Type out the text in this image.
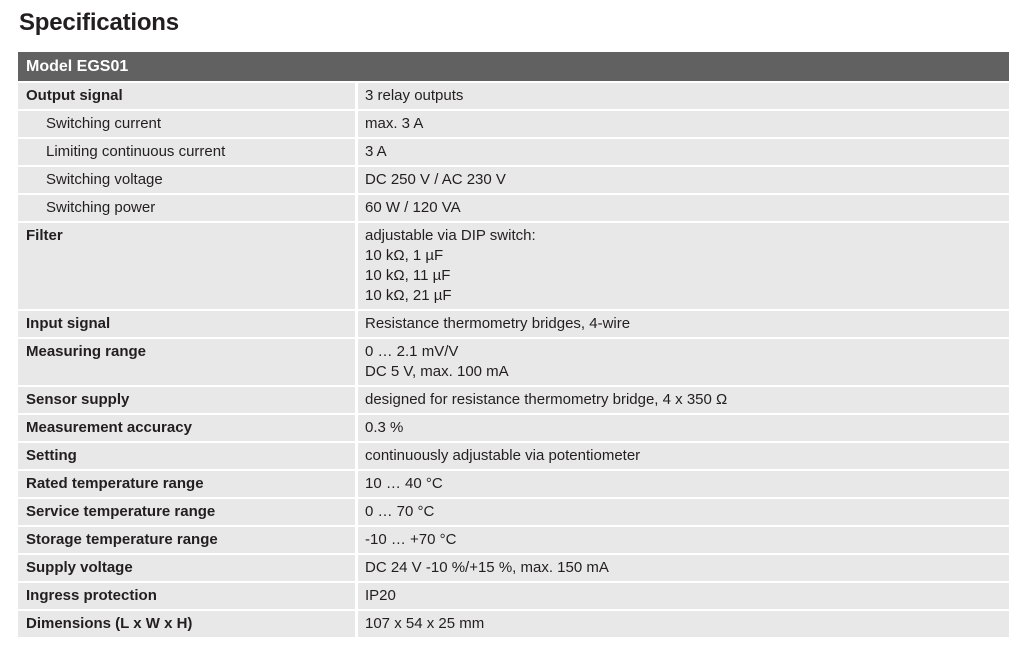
Specifications
Model EGS01
Output signal	3 relay outputs
Switching current	max. 3 A
Limiting continuous current	3 A
Switching voltage	DC 250 V / AC 230 V
Switching power	60 W / 120 VA
Filter	adjustable via DIP switch:
10 kΩ, 1 µF
10 kΩ, 11 µF
10 kΩ, 21 µF
Input signal	Resistance thermometry bridges, 4-wire
Measuring range	0 … 2.1 mV/V
DC 5 V, max. 100 mA
Sensor supply	designed for resistance thermometry bridge, 4 x 350 Ω
Measurement accuracy	0.3 %
Setting	continuously adjustable via potentiometer
Rated temperature range	10 … 40 °C
Service temperature range	0 … 70 °C
Storage temperature range	-10 … +70 °C
Supply voltage	DC 24 V -10 %/+15 %, max. 150 mA
Ingress protection	IP20
Dimensions (L x W x H)	107 x 54 x 25 mm
